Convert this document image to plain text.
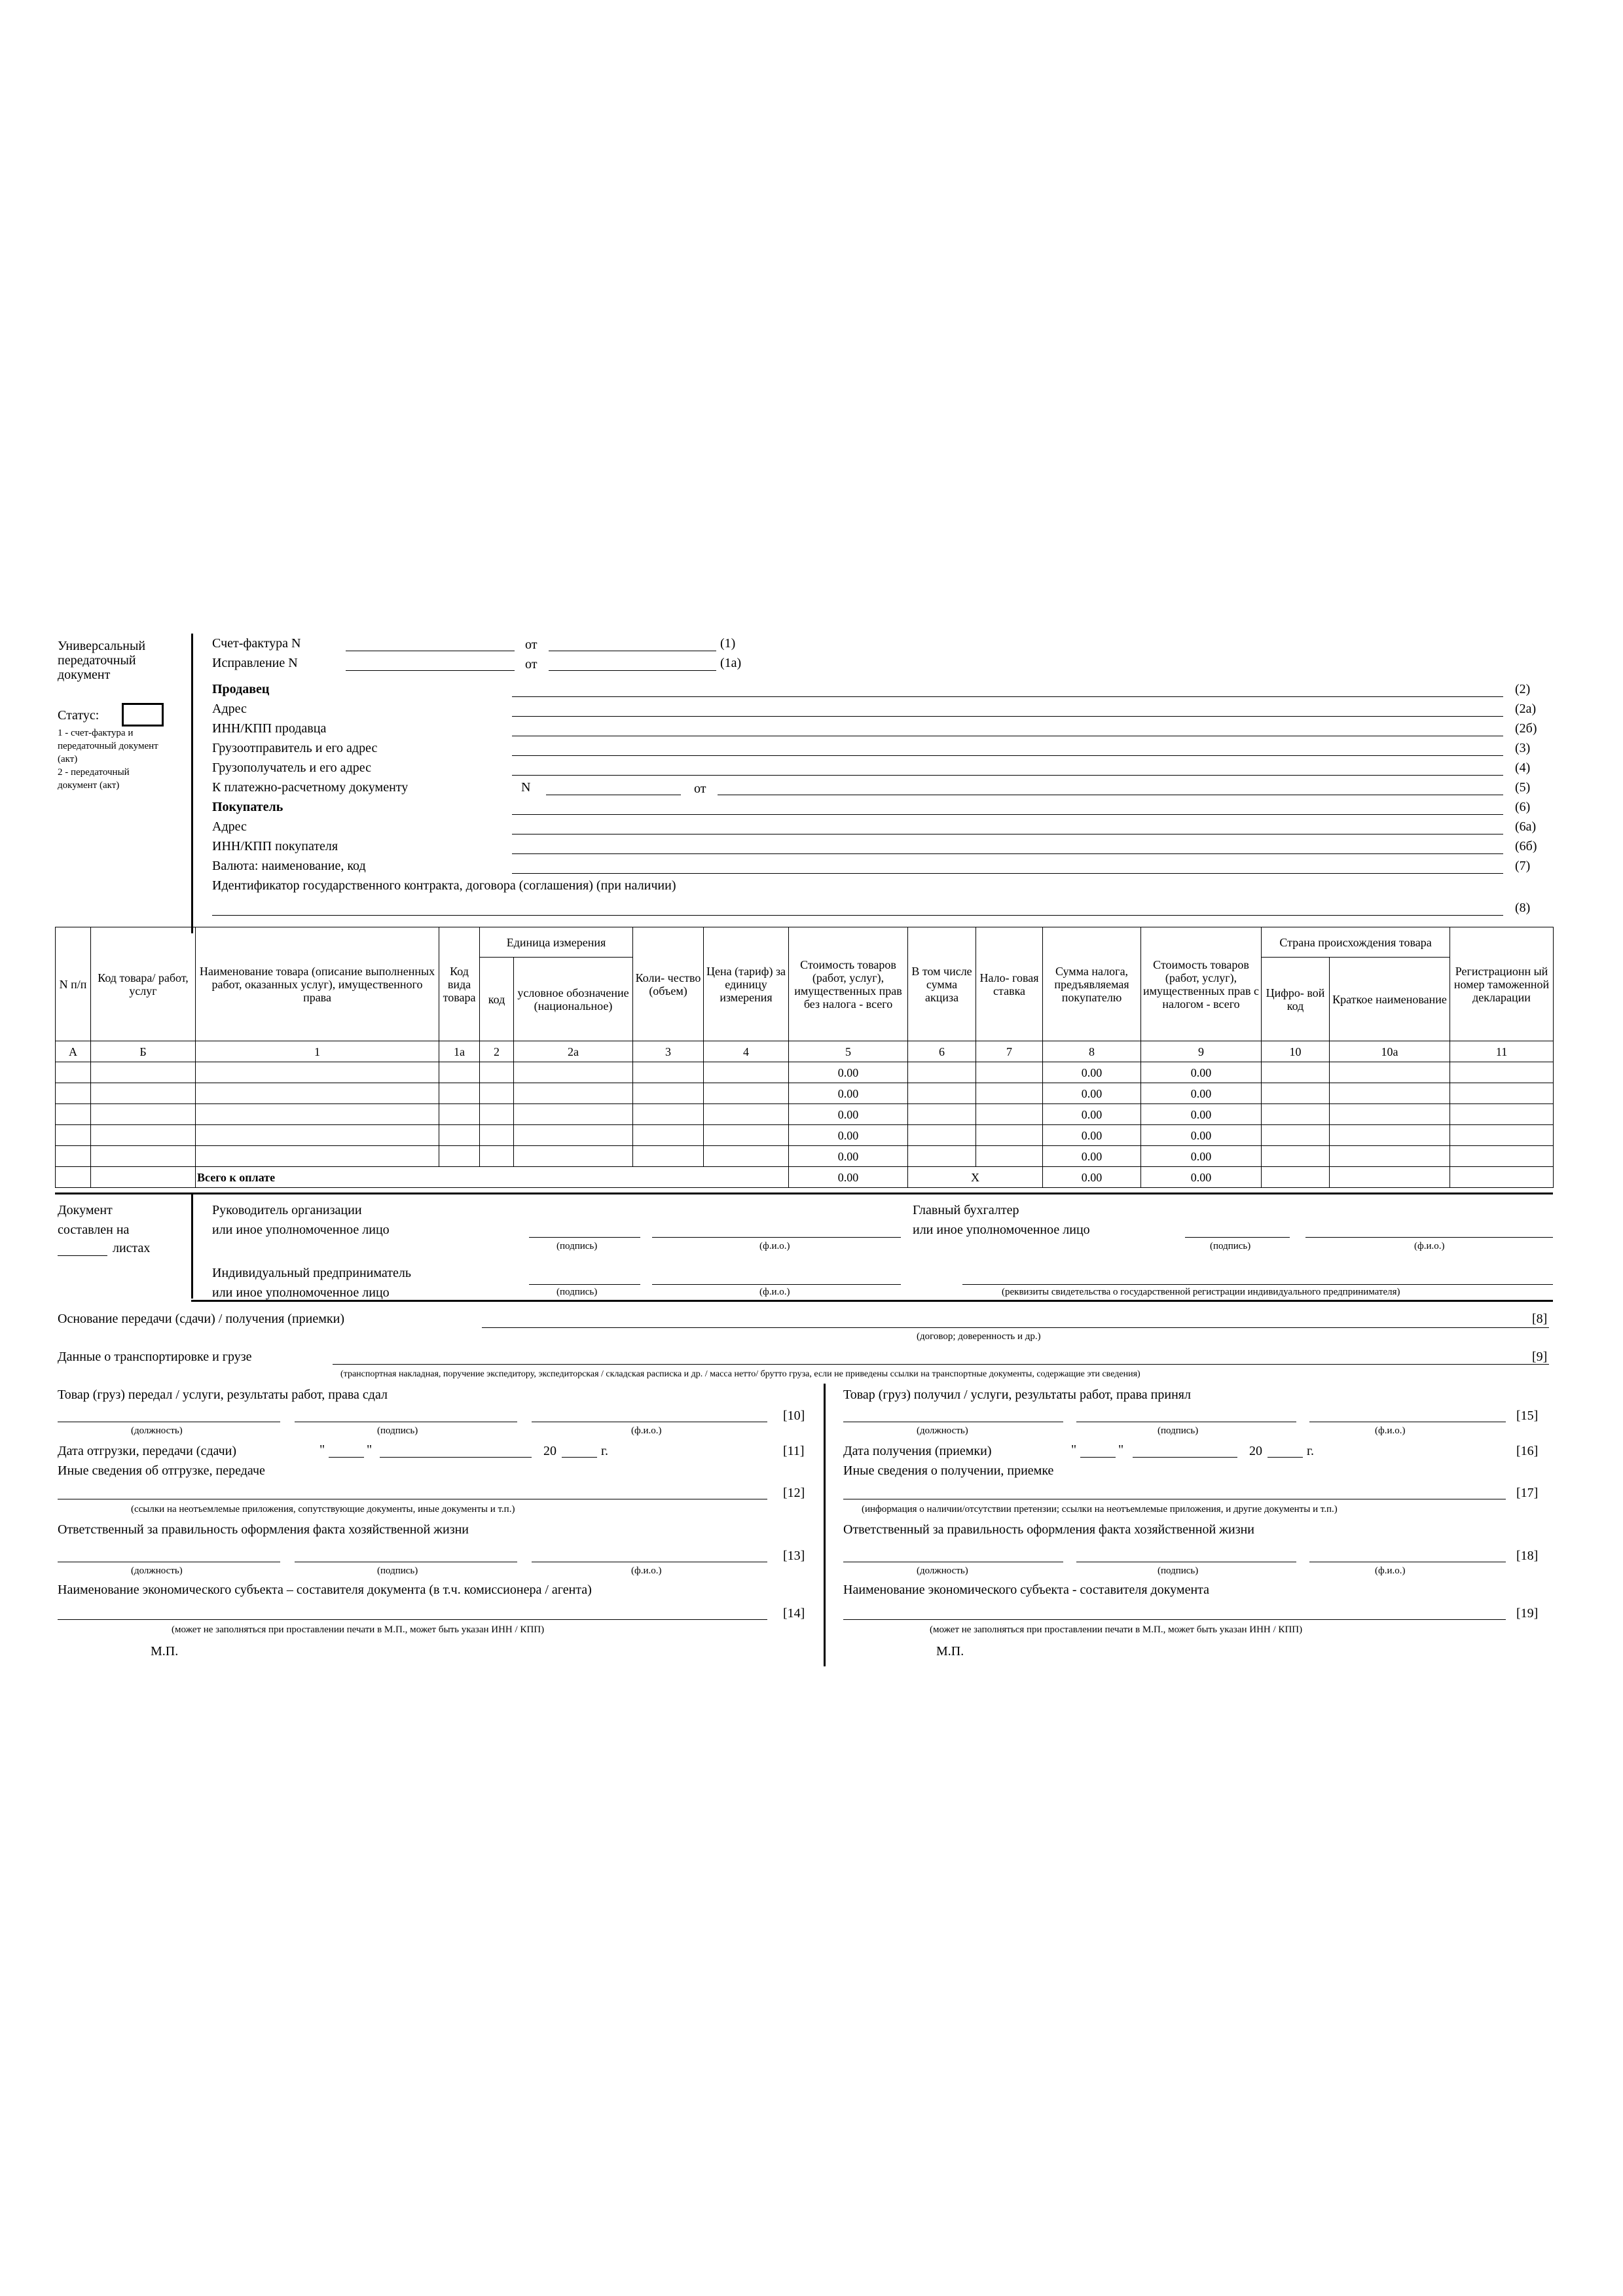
Универсальный
передаточный
документ
Статус:
1 - счет-фактура и
передаточный документ
(акт)
2 - передаточный
документ (акт)
Счет-фактура N	от	(1)
Исправление N	от	(1а)
Продавец	(2)
Адрес	(2а)
ИНН/КПП продавца	(2б)
Грузоотправитель и его адрес	(3)
Грузополучатель и его адрес	(4)
К платежно-расчетному документу	N	от	(5)
Покупатель	(6)
Адрес	(6а)
ИНН/КПП покупателя	(6б)
Валюта: наименование, код	(7)
Идентификатор государственного контракта, договора (соглашения) (при наличии)
(8)
N п/п	Код товара/ работ, услуг	Наименование товара (описание выполненных работ, оказанных услуг), имущественного права	Код вида товара	Единица измерения		Коли- чество (объем)	Цена (тариф) за единицу измерения	Стоимость товаров (работ, услуг), имущественных прав без налога - всего	В том числе сумма акциза	Нало- говая ставка	Сумма налога, предъявляемая покупателю	Стоимость товаров (работ, услуг), имущественных прав с налогом - всего	Страна происхождения товара		Регистрационн ый номер таможенной декларации
				код	условное обозначение (национальное)								Цифро- вой код	Краткое наименование	
А	Б	1	1а	2	2а	3	4	5	6	7	8	9	10	10а	11
								0.00			0.00	0.00			
								0.00			0.00	0.00			
								0.00			0.00	0.00			
								0.00			0.00	0.00			
								0.00			0.00	0.00			
		Всего к оплате						0.00	X		0.00	0.00			
Документ
составлен на
листах
Руководитель организации
или иное уполномоченное лицо
(подпись)	(ф.и.о.)
Главный бухгалтер
или иное уполномоченное лицо
(подпись)	(ф.и.о.)
Индивидуальный предприниматель
или иное уполномоченное лицо	(подпись)	(ф.и.о.)	(реквизиты свидетельства о государственной регистрации индивидуального предпринимателя)
Основание передачи (сдачи) / получения (приемки)	[8]
(договор; доверенность и др.)
Данные о транспортировке и грузе	[9]
(транспортная накладная, поручение экспедитору, экспедиторская / складская расписка и др. / масса нетто/ брутто груза, если не приведены ссылки на транспортные документы, содержащие эти сведения)
Товар (груз) передал / услуги, результаты работ, права сдал
[10]
(должность)	(подпись)	(ф.и.о.)
Дата отгрузки, передачи (сдачи)	"	"	20	г.	[11]
Иные сведения об отгрузке, передаче
[12]
(ссылки на неотъемлемые приложения, сопутствующие документы, иные документы и т.п.)
Ответственный за правильность оформления факта хозяйственной жизни
[13]
(должность)	(подпись)	(ф.и.о.)
Наименование экономического субъекта – составителя документа (в т.ч. комиссионера / агента)
[14]
(может не заполняться при проставлении печати в М.П., может быть указан ИНН / КПП)
М.П.
Товар (груз) получил / услуги, результаты работ, права принял
[15]
(должность)	(подпись)	(ф.и.о.)
Дата получения (приемки)	"	"	20	г.	[16]
Иные сведения о получении, приемке
[17]
(информация о наличии/отсутствии претензии; ссылки на неотъемлемые приложения, и другие документы и т.п.)
Ответственный за правильность оформления факта хозяйственной жизни
[18]
(должность)	(подпись)	(ф.и.о.)
Наименование экономического субъекта - составителя документа
[19]
(может не заполняться при проставлении печати в М.П., может быть указан ИНН / КПП)
М.П.
